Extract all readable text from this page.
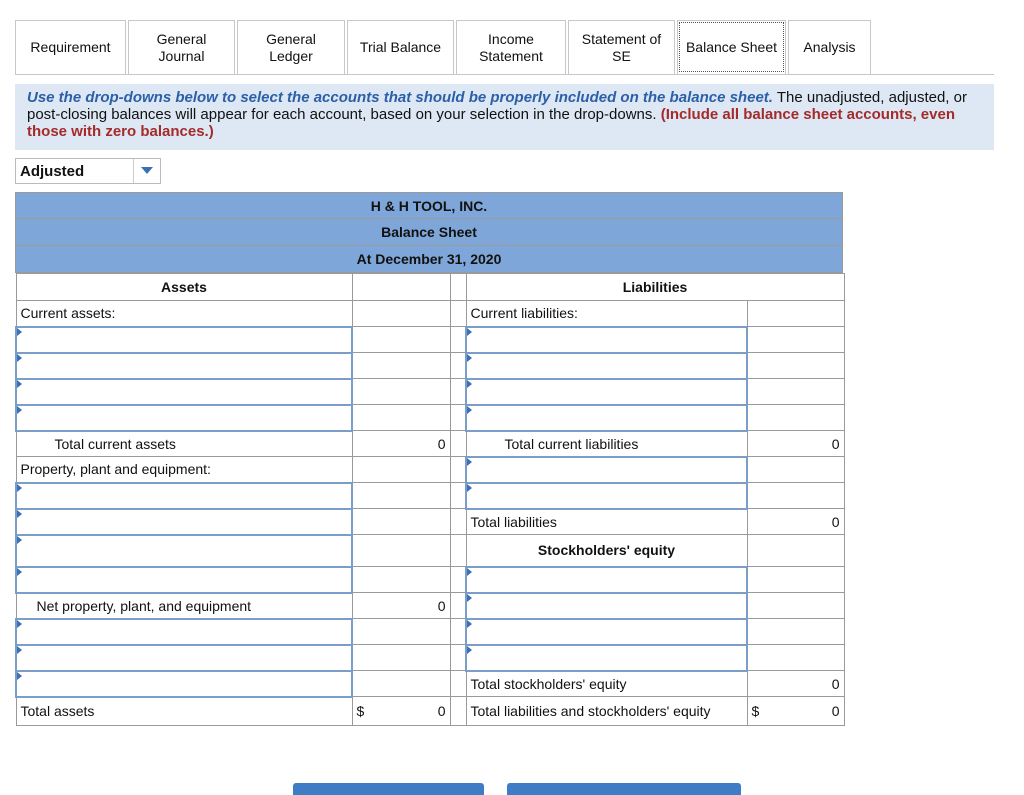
Requirement
General Journal
General Ledger
Trial Balance
Income Statement
Statement of SE
Balance Sheet	Analysis
Use the drop-downs below to select the accounts that should be properly included on the balance sheet. The unadjusted, adjusted, or post-closing balances will appear for each account, based on your selection in the drop-downs. (Include all balance sheet accounts, even those with zero balances.)
Adjusted
H & H TOOL, INC.
Balance Sheet
At December 31, 2020
Assets			Liabilities	
Current assets:			Current liabilities:	

Total current assets	0		Total current liabilities	0
Property, plant and equipment:				

			Total liabilities	0
			Stockholders' equity	

Net property, plant, and equipment	0			

			Total stockholders' equity	0
Total assets	$ 0		Total liabilities and stockholders' equity	$ 0
